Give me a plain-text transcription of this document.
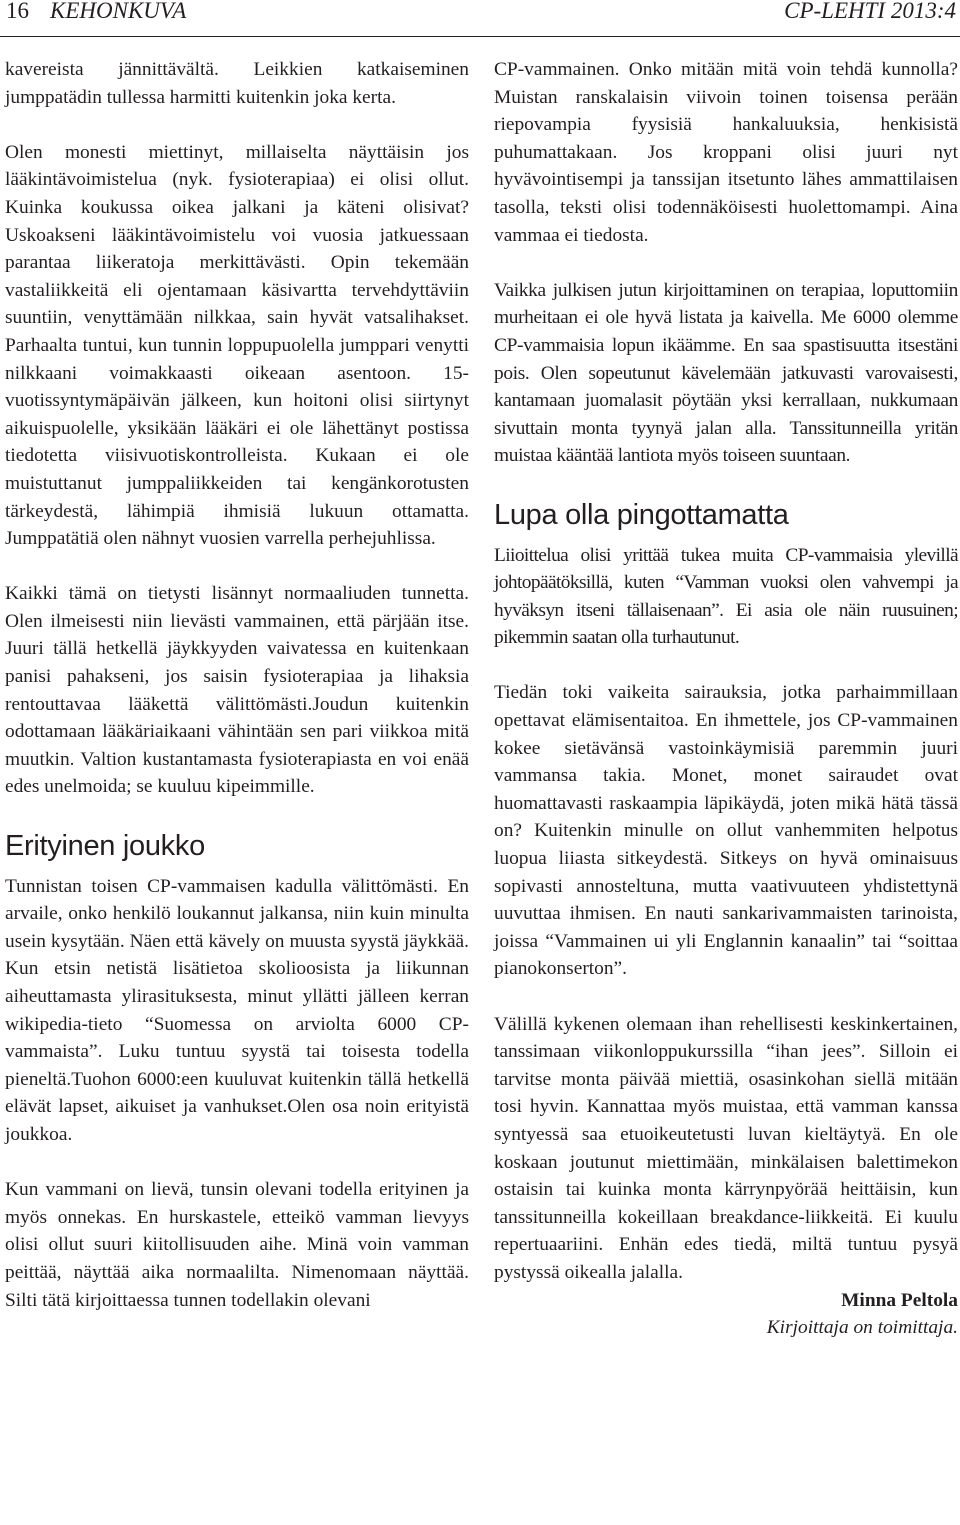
16 KEHONKUVA	CP-LEHTI 2013:4

kavereista jännittävältä. Leikkien katkaiseminen jumppatädin tullessa harmitti kuitenkin joka kerta.

Olen monesti miettinyt, millaiselta näyttäisin jos lääkintävoimistelua (nyk. fysioterapiaa) ei olisi ollut. Kuinka koukussa oikea jalkani ja käteni olisivat? Uskoakseni lääkintävoimistelu voi vuosia jatkuessaan parantaa liikeratoja merkittävästi. Opin tekemään vastaliikkeitä eli ojentamaan käsivartta tervehdyttäviin suuntiin, venyttämään nilkkaa, sain hyvät vatsalihakset. Parhaalta tuntui, kun tunnin loppupuolella jumppari venytti nilkkaani voimakkaasti oikeaan asentoon. 15-vuotissyntymäpäivän jälkeen, kun hoitoni olisi siirtynyt aikuispuolelle, yksikään lääkäri ei ole lähettänyt postissa tiedotetta viisivuotiskontrolleista. Kukaan ei ole muistuttanut jumppaliikkeiden tai kengänkorotusten tärkeydestä, lähimpiä ihmisiä lukuun ottamatta. Jumppatätiä olen nähnyt vuosien varrella perhejuhlissa.

Kaikki tämä on tietysti lisännyt normaaliuden tunnetta. Olen ilmeisesti niin lievästi vammainen, että pärjään itse. Juuri tällä hetkellä jäykkyyden vaivatessa en kuitenkaan panisi pahakseni, jos saisin fysioterapiaa ja lihaksia rentouttavaa lääkettä välittömästi.Joudun kuitenkin odottamaan lääkäriaikaani vähintään sen pari viikkoa mitä muutkin. Valtion kustantamasta fysioterapiasta en voi enää edes unelmoida; se kuuluu kipeimmille.

Erityinen joukko

Tunnistan toisen CP-vammaisen kadulla välittömästi. En arvaile, onko henkilö loukannut jalkansa, niin kuin minulta usein kysytään. Näen että kävely on muusta syystä jäykkää. Kun etsin netistä lisätietoa skolioosista ja liikunnan aiheuttamasta ylirasituksesta, minut yllätti jälleen kerran wikipedia-tieto “Suomessa on arviolta 6000 CP-vammaista”. Luku tuntuu syystä tai toisesta todella pieneltä.Tuohon 6000:een kuuluvat kuitenkin tällä hetkellä elävät lapset, aikuiset ja vanhukset.Olen osa noin erityistä joukkoa.

Kun vammani on lievä, tunsin olevani todella erityinen ja myös onnekas. En hurskastele, etteikö vamman lievyys olisi ollut suuri kiitollisuuden aihe. Minä voin vamman peittää, näyttää aika normaalilta. Nimenomaan näyttää. Silti tätä kirjoittaessa tunnen todellakin olevani

CP-vammainen. Onko mitään mitä voin tehdä kunnolla? Muistan ranskalaisin viivoin toinen toisensa perään riepovampia fyysisiä hankaluuksia, henkisistä puhumattakaan. Jos kroppani olisi juuri nyt hyvävointisempi ja tanssijan itsetunto lähes ammattilaisen tasolla, teksti olisi todennäköisesti huolettomampi. Aina vammaa ei tiedosta.

Vaikka julkisen jutun kirjoittaminen on terapiaa, loputtomiin murheitaan ei ole hyvä listata ja kaivella. Me 6000 olemme CP-vammaisia lopun ikäämme. En saa spastisuutta itsestäni pois. Olen sopeutunut kävelemään jatkuvasti varovaisesti, kantamaan juomalasit pöytään yksi kerrallaan, nukkumaan sivuttain monta tyynyä jalan alla. Tanssitunneilla yritän muistaa kääntää lantiota myös toiseen suuntaan.

Lupa olla pingottamatta

Liioittelua olisi yrittää tukea muita CP-vammaisia ylevillä johtopäätöksillä, kuten “Vamman vuoksi olen vahvempi ja hyväksyn itseni tällaisenaan”. Ei asia ole näin ruusuinen; pikemmin saatan olla turhautunut.

Tiedän toki vaikeita sairauksia, jotka parhaimmillaan opettavat elämisentaitoa. En ihmettele, jos CP-vammainen kokee sietävänsä vastoinkäymisiä paremmin juuri vammansa takia. Monet, monet sairaudet ovat huomattavasti raskaampia läpikäydä, joten mikä hätä tässä on? Kuitenkin minulle on ollut vanhemmiten helpotus luopua liiasta sitkeydestä. Sitkeys on hyvä ominaisuus sopivasti annosteltuna, mutta vaativuuteen yhdistettynä uuvuttaa ihmisen. En nauti sankarivammaisten tarinoista, joissa “Vammainen ui yli Englannin kanaalin” tai “soittaa pianokonserton”.

Välillä kykenen olemaan ihan rehellisesti keskinkertainen, tanssimaan viikonloppukurssilla “ihan jees”. Silloin ei tarvitse monta päivää miettiä, osasinkohan siellä mitään tosi hyvin. Kannattaa myös muistaa, että vamman kanssa syntyessä saa etuoikeutetusti luvan kieltäytyä. En ole koskaan joutunut miettimään, minkälaisen balettimekon ostaisin tai kuinka monta kärrynpyörää heittäisin, kun tanssitunneilla kokeillaan breakdance-liikkeitä. Ei kuulu repertuaariini. Enhän edes tiedä, miltä tuntuu pysyä pystyssä oikealla jalalla.

Minna Peltola

Kirjoittaja on toimittaja.
